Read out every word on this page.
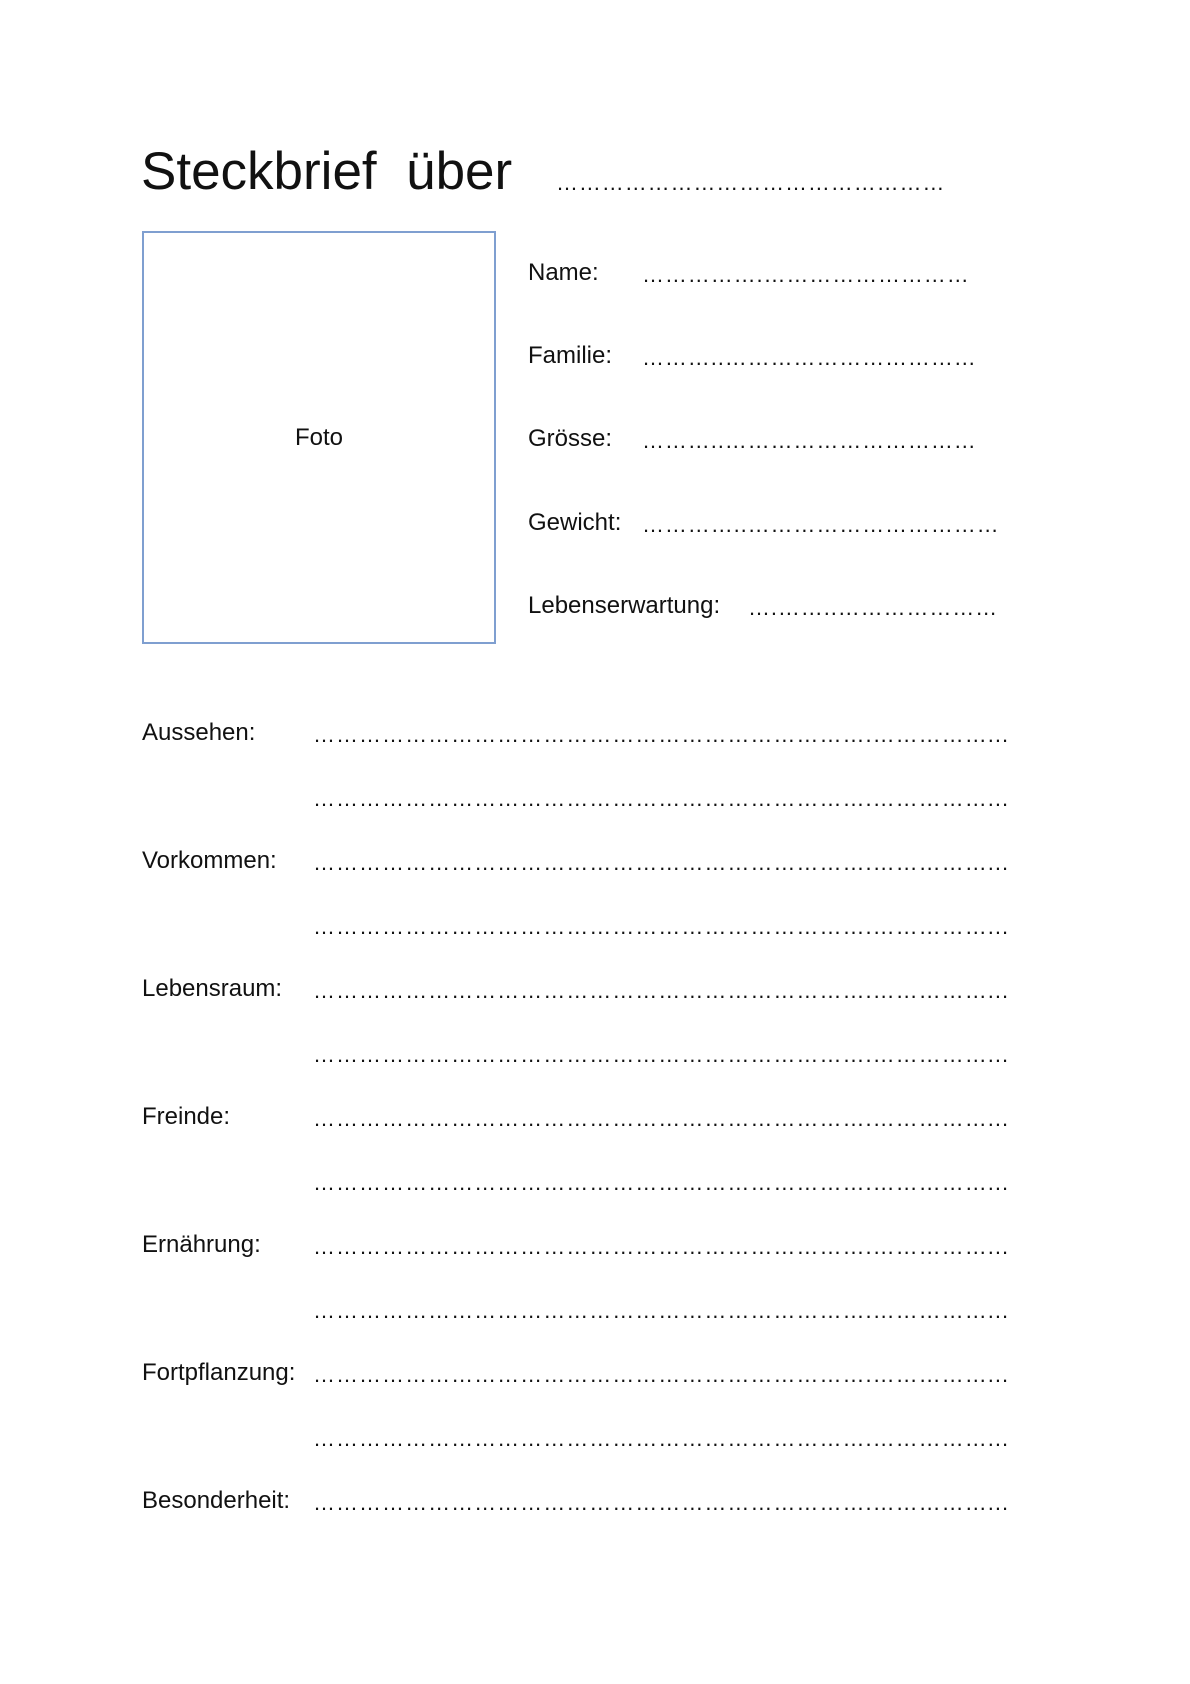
Steckbrief  über ……………………………………………
Foto
Name: …………….………………………
Familie: ………..……………………………
Grösse: ………..……………………………
Gewicht: …………..……………………………
Lebenserwartung: ….……..…………………
Aussehen:	……………………………………………………………….……………...
……………………………………………………………….……………...
Vorkommen: ……………………………………………………………….……………...
……………………………………………………………….……………...
Lebensraum: ……………………………………………………………….……………...
……………………………………………………………….……………...
Freinde:	……………………………………………………………….……………...
……………………………………………………………….……………...
Ernährung: ……………………………………………………………….……………...
……………………………………………………………….……………...
Fortpflanzung: ……………………………………………………………….……………...
……………………………………………………………….……………...
Besonderheit: ……………………………………………………………….……………...
